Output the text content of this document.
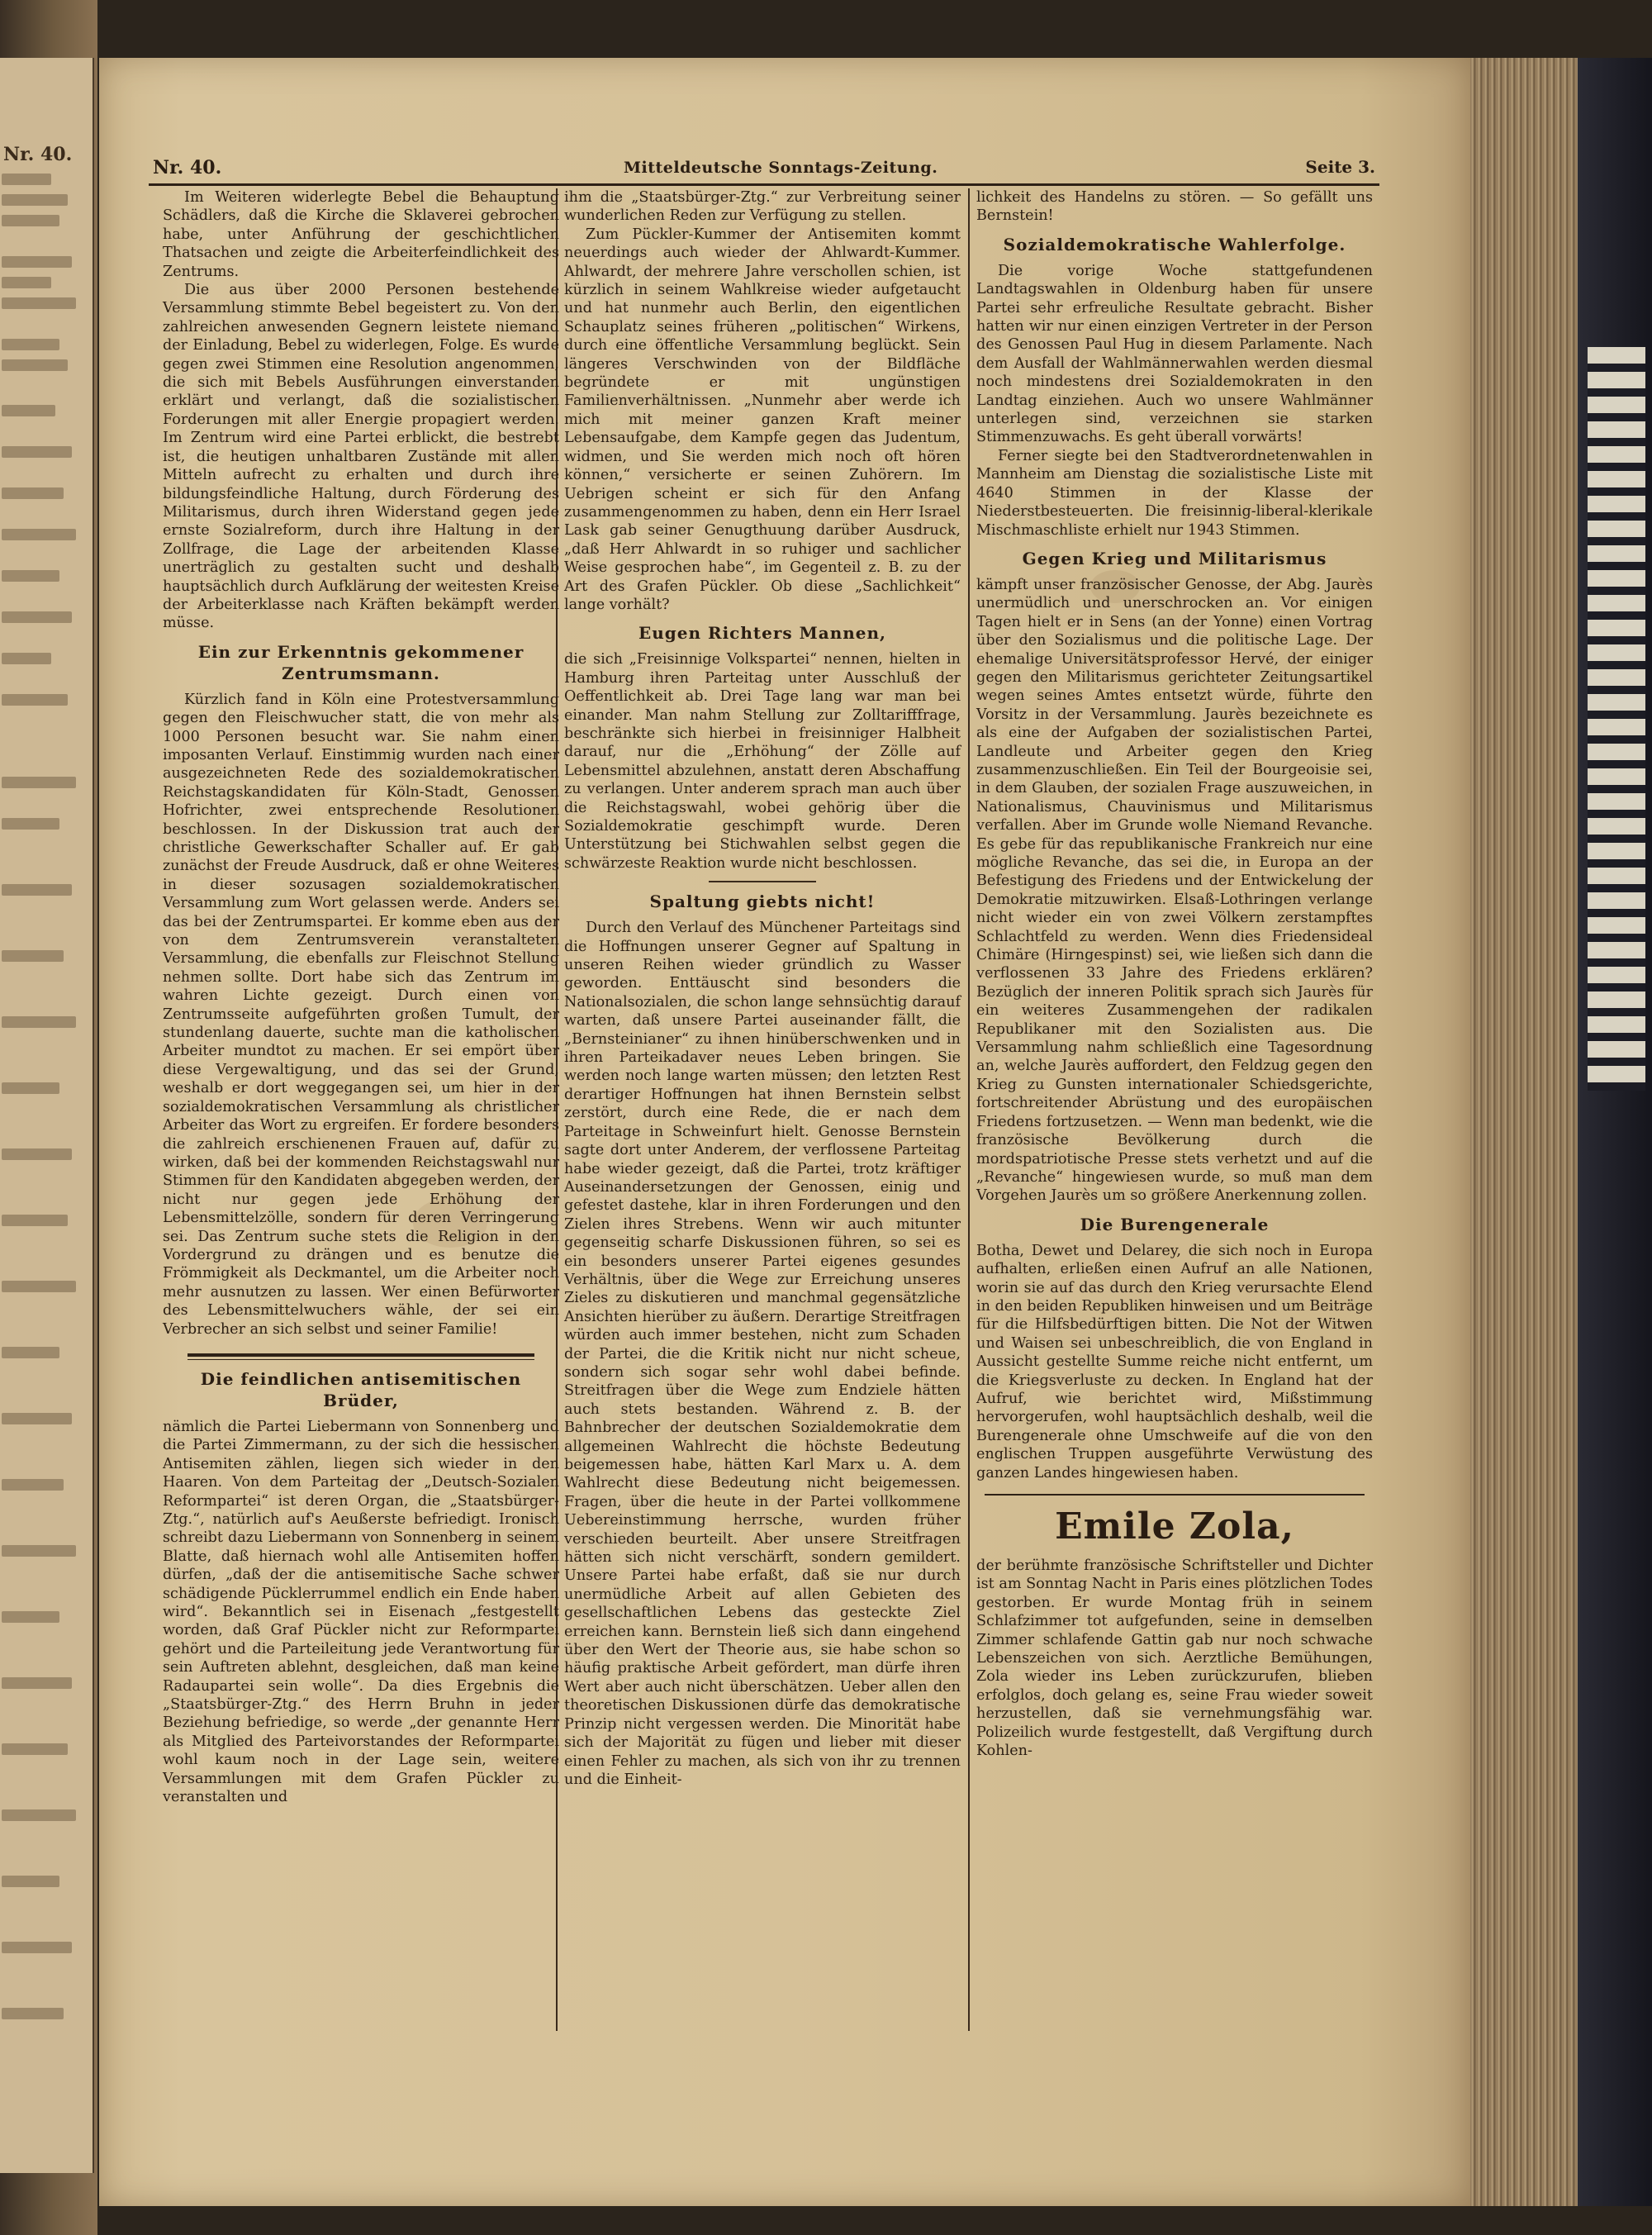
Nr. 40.
Nr. 40.	Mitteldeutsche Sonntags-Zeitung.	Seite 3.

Im Weiteren widerlegte Bebel die Behauptung Schädlers, daß die Kirche die Sklaverei gebrochen habe, unter Anführung der geschichtlichen Thatsachen und zeigte die Arbeiterfeindlichkeit des Zentrums.

Die aus über 2000 Personen bestehende Versammlung stimmte Bebel begeistert zu. Von den zahlreichen anwesenden Gegnern leistete niemand der Einladung, Bebel zu widerlegen, Folge. Es wurde gegen zwei Stimmen eine Resolution angenommen, die sich mit Bebels Ausführungen einverstanden erklärt und verlangt, daß die sozialistischen Forderungen mit aller Energie propagiert werden. Im Zentrum wird eine Partei erblickt, die bestrebt ist, die heutigen unhaltbaren Zustände mit allen Mitteln aufrecht zu erhalten und durch ihre bildungsfeindliche Haltung, durch Förderung des Militarismus, durch ihren Widerstand gegen jede ernste Sozialreform, durch ihre Haltung in der Zollfrage, die Lage der arbeitenden Klasse unerträglich zu gestalten sucht und deshalb hauptsächlich durch Aufklärung der weitesten Kreise der Arbeiterklasse nach Kräften bekämpft werden müsse.

Ein zur Erkenntnis gekommener Zentrumsmann.

Kürzlich fand in Köln eine Protestversammlung gegen den Fleischwucher statt, die von mehr als 1000 Personen besucht war. Sie nahm einen imposanten Verlauf. Einstimmig wurden nach einer ausgezeichneten Rede des sozialdemokratischen Reichstagskandidaten für Köln-Stadt, Genossen Hofrichter, zwei entsprechende Resolutionen beschlossen. In der Diskussion trat auch der christliche Gewerkschafter Schaller auf. Er gab zunächst der Freude Ausdruck, daß er ohne Weiteres in dieser sozusagen sozialdemokratischen Versammlung zum Wort gelassen werde. Anders sei das bei der Zentrumspartei. Er komme eben aus der von dem Zentrumsverein veranstalteten Versammlung, die ebenfalls zur Fleischnot Stellung nehmen sollte. Dort habe sich das Zentrum im wahren Lichte gezeigt. Durch einen von Zentrumsseite aufgeführten großen Tumult, der stundenlang dauerte, suchte man die katholischen Arbeiter mundtot zu machen. Er sei empört über diese Vergewaltigung, und das sei der Grund, weshalb er dort weggegangen sei, um hier in der sozialdemokratischen Versammlung als christlicher Arbeiter das Wort zu ergreifen. Er fordere besonders die zahlreich erschienenen Frauen auf, dafür zu wirken, daß bei der kommenden Reichstagswahl nur Stimmen für den Kandidaten abgegeben werden, der nicht nur gegen jede Erhöhung der Lebensmittelzölle, sondern für deren Verringerung sei. Das Zentrum suche stets die Religion in den Vordergrund zu drängen und es benutze die Frömmigkeit als Deckmantel, um die Arbeiter noch mehr ausnutzen zu lassen. Wer einen Befürworter des Lebensmittelwuchers wähle, der sei ein Verbrecher an sich selbst und seiner Familie!

Die feindlichen antisemitischen Brüder,

nämlich die Partei Liebermann von Sonnenberg und die Partei Zimmermann, zu der sich die hessischen Antisemiten zählen, liegen sich wieder in den Haaren. Von dem Parteitag der „Deutsch-Sozialen Reformpartei“ ist deren Organ, die „Staatsbürger-Ztg.“, natürlich auf's Aeußerste befriedigt. Ironisch schreibt dazu Liebermann von Sonnenberg in seinem Blatte, daß hiernach wohl alle Antisemiten hoffen dürfen, „daß der die antisemitische Sache schwer schädigende Pücklerrummel endlich ein Ende haben wird“. Bekanntlich sei in Eisenach „festgestellt worden, daß Graf Pückler nicht zur Reformpartei gehört und die Parteileitung jede Verantwortung für sein Auftreten ablehnt, desgleichen, daß man keine Radaupartei sein wolle“. Da dies Ergebnis die „Staatsbürger-Ztg.“ des Herrn Bruhn in jeder Beziehung befriedige, so werde „der genannte Herr als Mitglied des Parteivorstandes der Reformpartei wohl kaum noch in der Lage sein, weitere Versammlungen mit dem Grafen Pückler zu veranstalten und

ihm die „Staatsbürger-Ztg.“ zur Verbreitung seiner wunderlichen Reden zur Verfügung zu stellen.

Zum Pückler-Kummer der Antisemiten kommt neuerdings auch wieder der Ahlwardt-Kummer. Ahlwardt, der mehrere Jahre verschollen schien, ist kürzlich in seinem Wahlkreise wieder aufgetaucht und hat nunmehr auch Berlin, den eigentlichen Schauplatz seines früheren „politischen“ Wirkens, durch eine öffentliche Versammlung beglückt. Sein längeres Verschwinden von der Bildfläche begründete er mit ungünstigen Familienverhältnissen. „Nunmehr aber werde ich mich mit meiner ganzen Kraft meiner Lebensaufgabe, dem Kampfe gegen das Judentum, widmen, und Sie werden mich noch oft hören können,“ versicherte er seinen Zuhörern. Im Uebrigen scheint er sich für den Anfang zusammengenommen zu haben, denn ein Herr Israel Lask gab seiner Genugthuung darüber Ausdruck, „daß Herr Ahlwardt in so ruhiger und sachlicher Weise gesprochen habe“, im Gegenteil z. B. zu der Art des Grafen Pückler. Ob diese „Sachlichkeit“ lange vorhält?

Eugen Richters Mannen,

die sich „Freisinnige Volkspartei“ nennen, hielten in Hamburg ihren Parteitag unter Ausschluß der Oeffentlichkeit ab. Drei Tage lang war man bei einander. Man nahm Stellung zur Zolltarifffrage, beschränkte sich hierbei in freisinniger Halbheit darauf, nur die „Erhöhung“ der Zölle auf Lebensmittel abzulehnen, anstatt deren Abschaffung zu verlangen. Unter anderem sprach man auch über die Reichstagswahl, wobei gehörig über die Sozialdemokratie geschimpft wurde. Deren Unterstützung bei Stichwahlen selbst gegen die schwärzeste Reaktion wurde nicht beschlossen.

Spaltung giebts nicht!

Durch den Verlauf des Münchener Parteitags sind die Hoffnungen unserer Gegner auf Spaltung in unseren Reihen wieder gründlich zu Wasser geworden. Enttäuscht sind besonders die Nationalsozialen, die schon lange sehnsüchtig darauf warten, daß unsere Partei auseinander fällt, die „Bernsteinianer“ zu ihnen hinüberschwenken und in ihren Parteikadaver neues Leben bringen. Sie werden noch lange warten müssen; den letzten Rest derartiger Hoffnungen hat ihnen Bernstein selbst zerstört, durch eine Rede, die er nach dem Parteitage in Schweinfurt hielt. Genosse Bernstein sagte dort unter Anderem, der verflossene Parteitag habe wieder gezeigt, daß die Partei, trotz kräftiger Auseinandersetzungen der Genossen, einig und gefestet dastehe, klar in ihren Forderungen und den Zielen ihres Strebens. Wenn wir auch mitunter gegenseitig scharfe Diskussionen führen, so sei es ein besonders unserer Partei eigenes gesundes Verhältnis, über die Wege zur Erreichung unseres Zieles zu diskutieren und manchmal gegensätzliche Ansichten hierüber zu äußern. Derartige Streitfragen würden auch immer bestehen, nicht zum Schaden der Partei, die die Kritik nicht nur nicht scheue, sondern sich sogar sehr wohl dabei befinde. Streitfragen über die Wege zum Endziele hätten auch stets bestanden. Während z. B. der Bahnbrecher der deutschen Sozialdemokratie dem allgemeinen Wahlrecht die höchste Bedeutung beigemessen habe, hätten Karl Marx u. A. dem Wahlrecht diese Bedeutung nicht beigemessen. Fragen, über die heute in der Partei vollkommene Uebereinstimmung herrsche, wurden früher verschieden beurteilt. Aber unsere Streitfragen hätten sich nicht verschärft, sondern gemildert. Unsere Partei habe erfaßt, daß sie nur durch unermüdliche Arbeit auf allen Gebieten des gesellschaftlichen Lebens das gesteckte Ziel erreichen kann. Bernstein ließ sich dann eingehend über den Wert der Theorie aus, sie habe schon so häufig praktische Arbeit gefördert, man dürfe ihren Wert aber auch nicht überschätzen. Ueber allen den theoretischen Diskussionen dürfe das demokratische Prinzip nicht vergessen werden. Die Minorität habe sich der Majorität zu fügen und lieber mit dieser einen Fehler zu machen, als sich von ihr zu trennen und die Einheit-

lichkeit des Handelns zu stören. — So gefällt uns Bernstein!

Sozialdemokratische Wahlerfolge.

Die vorige Woche stattgefundenen Landtagswahlen in Oldenburg haben für unsere Partei sehr erfreuliche Resultate gebracht. Bisher hatten wir nur einen einzigen Vertreter in der Person des Genossen Paul Hug in diesem Parlamente. Nach dem Ausfall der Wahlmännerwahlen werden diesmal noch mindestens drei Sozialdemokraten in den Landtag einziehen. Auch wo unsere Wahlmänner unterlegen sind, verzeichnen sie starken Stimmenzuwachs. Es geht überall vorwärts!

Ferner siegte bei den Stadtverordnetenwahlen in Mannheim am Dienstag die sozialistische Liste mit 4640 Stimmen in der Klasse der Niederstbesteuerten. Die freisinnig-liberal-klerikale Mischmaschliste erhielt nur 1943 Stimmen.

Gegen Krieg und Militarismus

kämpft unser französischer Genosse, der Abg. Jaurès unermüdlich und unerschrocken an. Vor einigen Tagen hielt er in Sens (an der Yonne) einen Vortrag über den Sozialismus und die politische Lage. Der ehemalige Universitätsprofessor Hervé, der einiger gegen den Militarismus gerichteter Zeitungsartikel wegen seines Amtes entsetzt würde, führte den Vorsitz in der Versammlung. Jaurès bezeichnete es als eine der Aufgaben der sozialistischen Partei, Landleute und Arbeiter gegen den Krieg zusammenzuschließen. Ein Teil der Bourgeoisie sei, in dem Glauben, der sozialen Frage auszuweichen, in Nationalismus, Chauvinismus und Militarismus verfallen. Aber im Grunde wolle Niemand Revanche. Es gebe für das republikanische Frankreich nur eine mögliche Revanche, das sei die, in Europa an der Befestigung des Friedens und der Entwickelung der Demokratie mitzuwirken. Elsaß-Lothringen verlange nicht wieder ein von zwei Völkern zerstampftes Schlachtfeld zu werden. Wenn dies Friedensideal Chimäre (Hirngespinst) sei, wie ließen sich dann die verflossenen 33 Jahre des Friedens erklären? Bezüglich der inneren Politik sprach sich Jaurès für ein weiteres Zusammengehen der radikalen Republikaner mit den Sozialisten aus. Die Versammlung nahm schließlich eine Tagesordnung an, welche Jaurès auffordert, den Feldzug gegen den Krieg zu Gunsten internationaler Schiedsgerichte, fortschreitender Abrüstung und des europäischen Friedens fortzusetzen. — Wenn man bedenkt, wie die französische Bevölkerung durch die mordspatriotische Presse stets verhetzt und auf die „Revanche“ hingewiesen wurde, so muß man dem Vorgehen Jaurès um so größere Anerkennung zollen.

Die Burengenerale

Botha, Dewet und Delarey, die sich noch in Europa aufhalten, erließen einen Aufruf an alle Nationen, worin sie auf das durch den Krieg verursachte Elend in den beiden Republiken hinweisen und um Beiträge für die Hilfsbedürftigen bitten. Die Not der Witwen und Waisen sei unbeschreiblich, die von England in Aussicht gestellte Summe reiche nicht entfernt, um die Kriegsverluste zu decken. In England hat der Aufruf, wie berichtet wird, Mißstimmung hervorgerufen, wohl hauptsächlich deshalb, weil die Burengenerale ohne Umschweife auf die von den englischen Truppen ausgeführte Verwüstung des ganzen Landes hingewiesen haben.

Emile Zola,

der berühmte französische Schriftsteller und Dichter ist am Sonntag Nacht in Paris eines plötzlichen Todes gestorben. Er wurde Montag früh in seinem Schlafzimmer tot aufgefunden, seine in demselben Zimmer schlafende Gattin gab nur noch schwache Lebenszeichen von sich. Aerztliche Bemühungen, Zola wieder ins Leben zurückzurufen, blieben erfolglos, doch gelang es, seine Frau wieder soweit herzustellen, daß sie vernehmungsfähig war. Polizeilich wurde festgestellt, daß Vergiftung durch Kohlen-
